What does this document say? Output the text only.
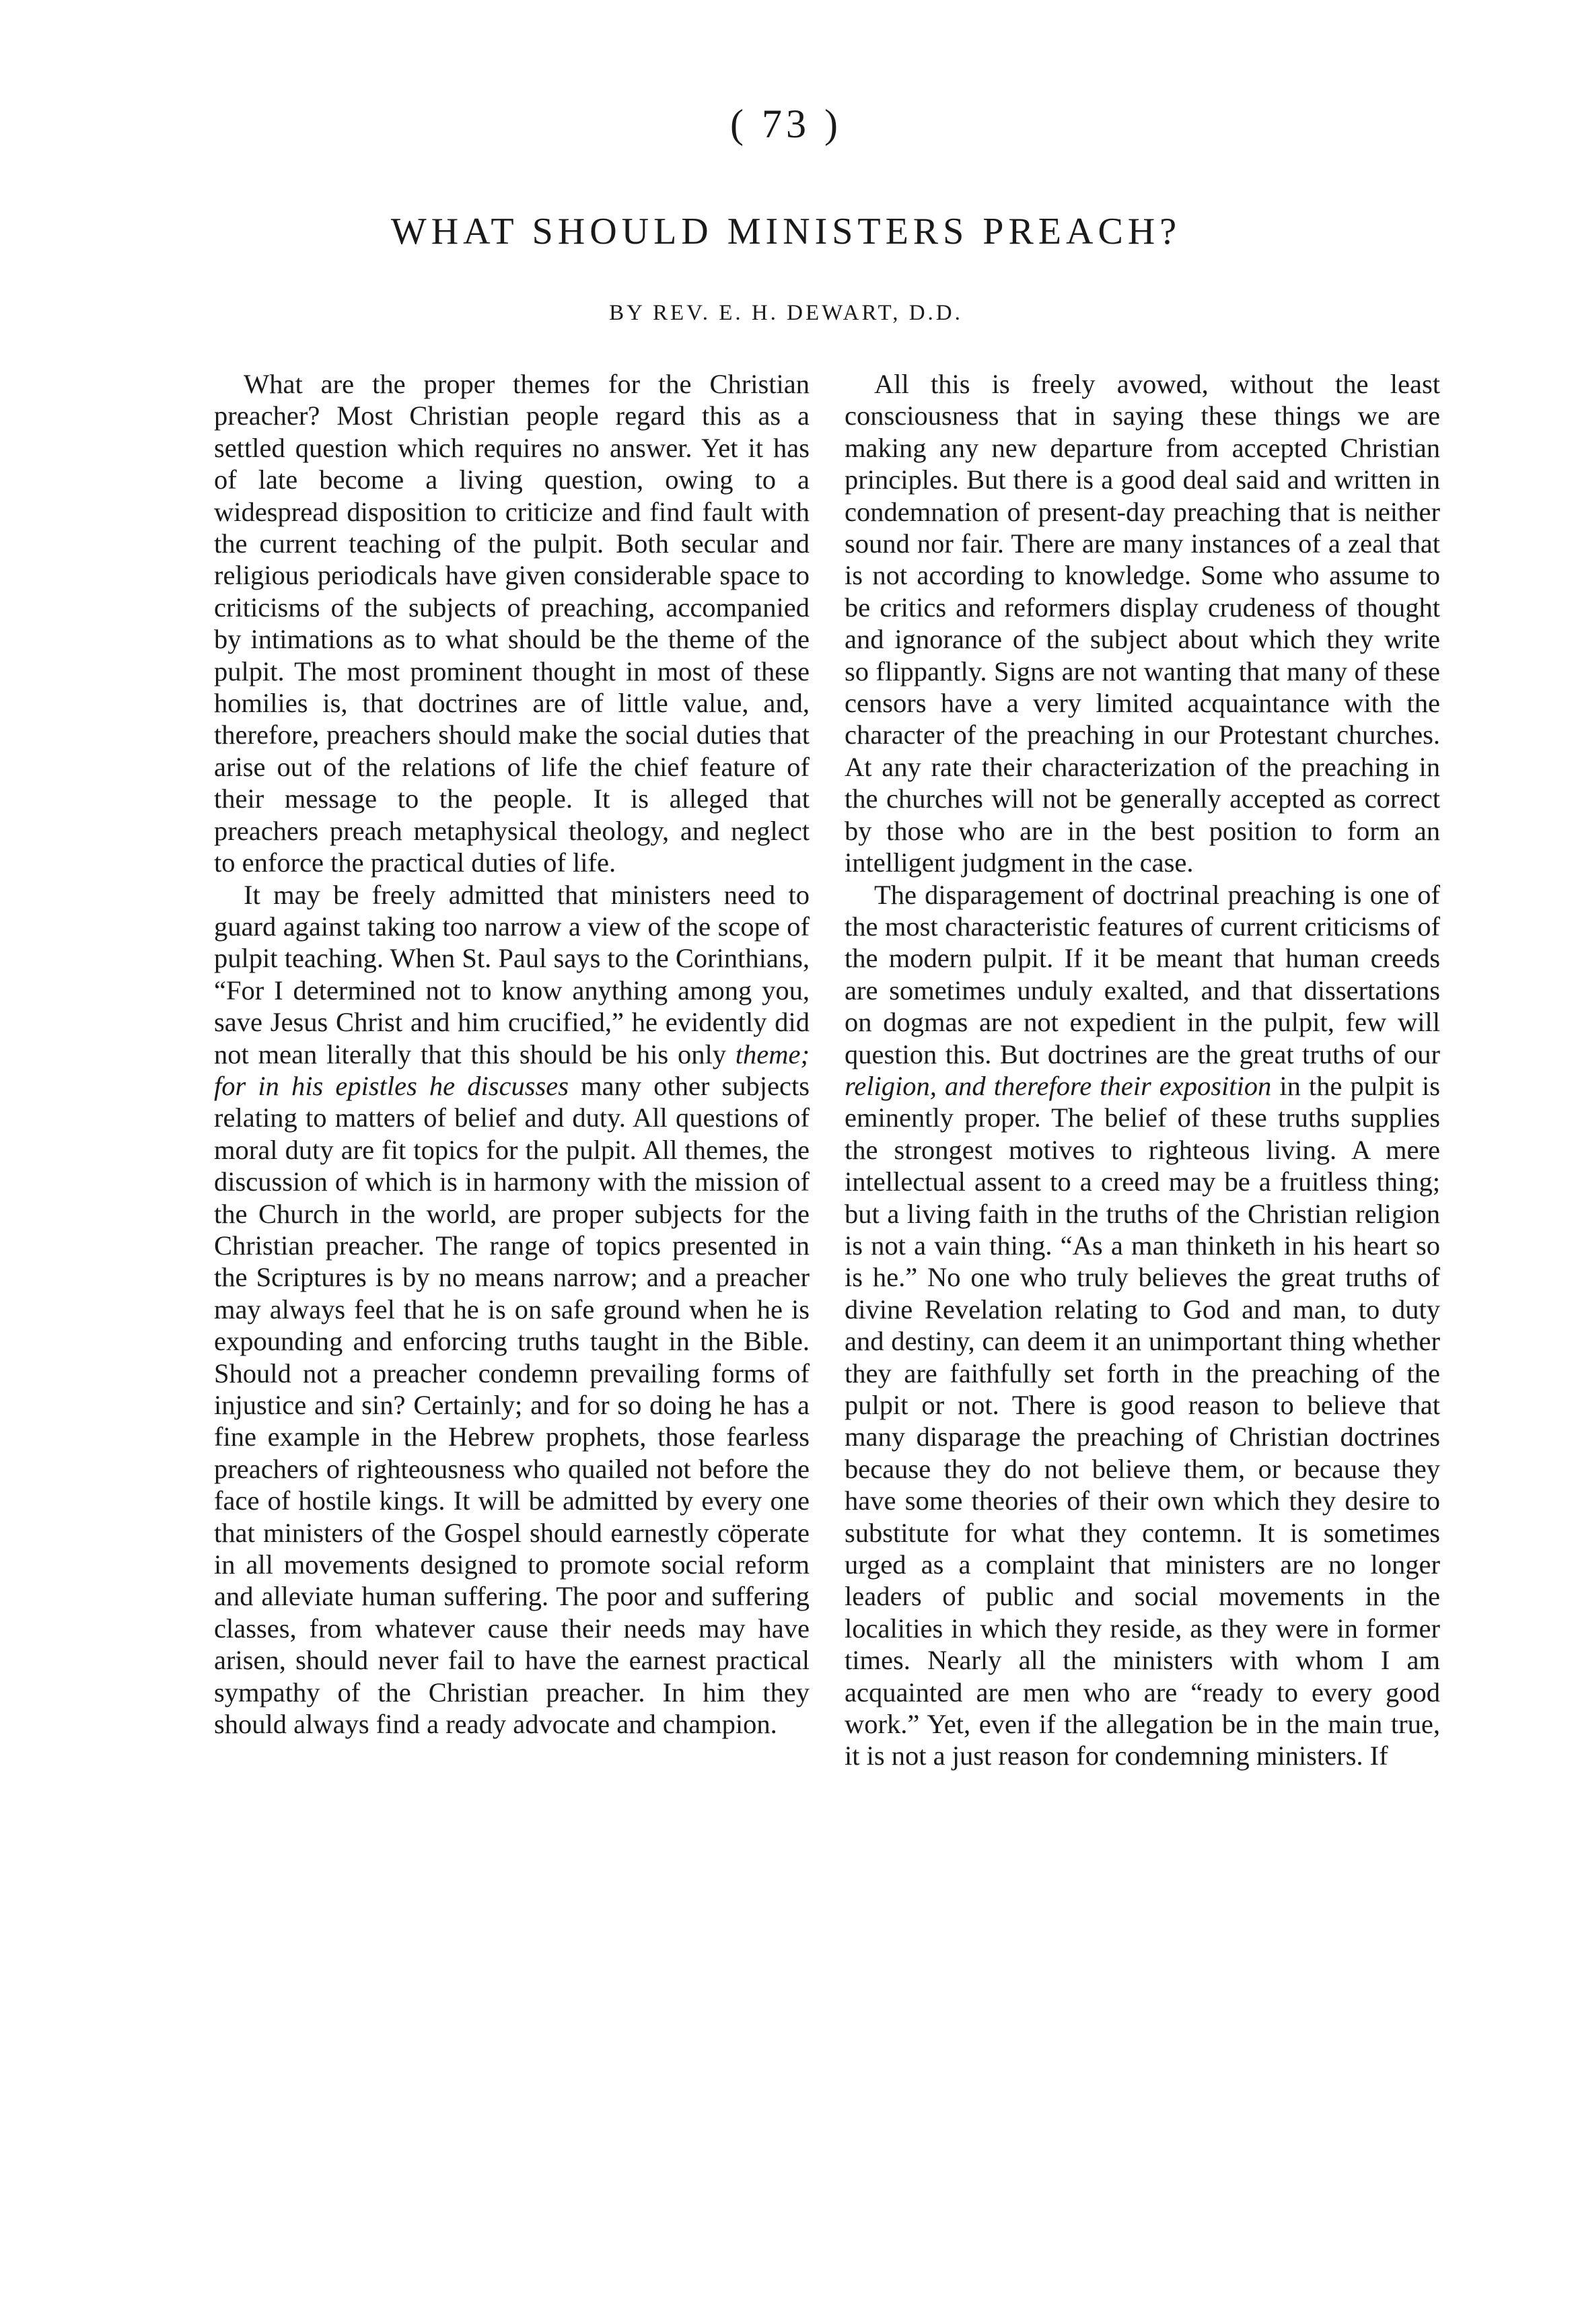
( 73 )
WHAT SHOULD MINISTERS PREACH?
BY REV. E. H. DEWART, D.D.

What are the proper themes for the Christian preacher? Most Christian people regard this as a settled question which requires no answer. Yet it has of late become a living question, owing to a widespread disposition to criticize and find fault with the current teaching of the pulpit. Both secular and religious periodicals have given considerable space to criticisms of the subjects of preaching, accompanied by intimations as to what should be the theme of the pulpit. The most prominent thought in most of these homilies is, that doctrines are of little value, and, therefore, preachers should make the social duties that arise out of the relations of life the chief feature of their message to the people. It is alleged that preachers preach metaphysical theology, and neglect to enforce the practical duties of life.

It may be freely admitted that ministers need to guard against taking too narrow a view of the scope of pulpit teaching. When St. Paul says to the Corinthians, “For I determined not to know anything among you, save Jesus Christ and him crucified,” he evidently did not mean literally that this should be his only theme; for in his epistles he discusses many other subjects relating to matters of belief and duty. All questions of moral duty are fit topics for the pulpit. All themes, the discussion of which is in harmony with the mission of the Church in the world, are proper subjects for the Christian preacher. The range of topics presented in the Scriptures is by no means narrow; and a preacher may always feel that he is on safe ground when he is expounding and enforcing truths taught in the Bible. Should not a preacher condemn prevailing forms of injustice and sin? Certainly; and for so doing he has a fine example in the Hebrew prophets, those fearless preachers of righteousness who quailed not before the face of hostile kings. It will be admitted by every one that ministers of the Gospel should earnestly cöperate in all movements designed to promote social reform and alleviate human suffering. The poor and suffering classes, from whatever cause their needs may have arisen, should never fail to have the earnest practical sympathy of the Christian preacher. In him they should always find a ready advocate and champion.

All this is freely avowed, without the least consciousness that in saying these things we are making any new departure from accepted Christian principles. But there is a good deal said and written in condemnation of present-day preaching that is neither sound nor fair. There are many instances of a zeal that is not according to knowledge. Some who assume to be critics and reformers display crudeness of thought and ignorance of the subject about which they write so flippantly. Signs are not wanting that many of these censors have a very limited acquaintance with the character of the preaching in our Protestant churches. At any rate their characterization of the preaching in the churches will not be generally accepted as correct by those who are in the best position to form an intelligent judgment in the case.

The disparagement of doctrinal preaching is one of the most characteristic features of current criticisms of the modern pulpit. If it be meant that human creeds are sometimes unduly exalted, and that dissertations on dogmas are not expedient in the pulpit, few will question this. But doctrines are the great truths of our religion, and therefore their exposition in the pulpit is eminently proper. The belief of these truths supplies the strongest motives to righteous living. A mere intellectual assent to a creed may be a fruitless thing; but a living faith in the truths of the Christian religion is not a vain thing. “As a man thinketh in his heart so is he.” No one who truly believes the great truths of divine Revelation relating to God and man, to duty and destiny, can deem it an unimportant thing whether they are faithfully set forth in the preaching of the pulpit or not. There is good reason to believe that many disparage the preaching of Christian doctrines because they do not believe them, or because they have some theories of their own which they desire to substitute for what they contemn. It is sometimes urged as a complaint that ministers are no longer leaders of public and social movements in the localities in which they reside, as they were in former times. Nearly all the ministers with whom I am acquainted are men who are “ready to every good work.” Yet, even if the allegation be in the main true, it is not a just reason for condemning ministers. If
